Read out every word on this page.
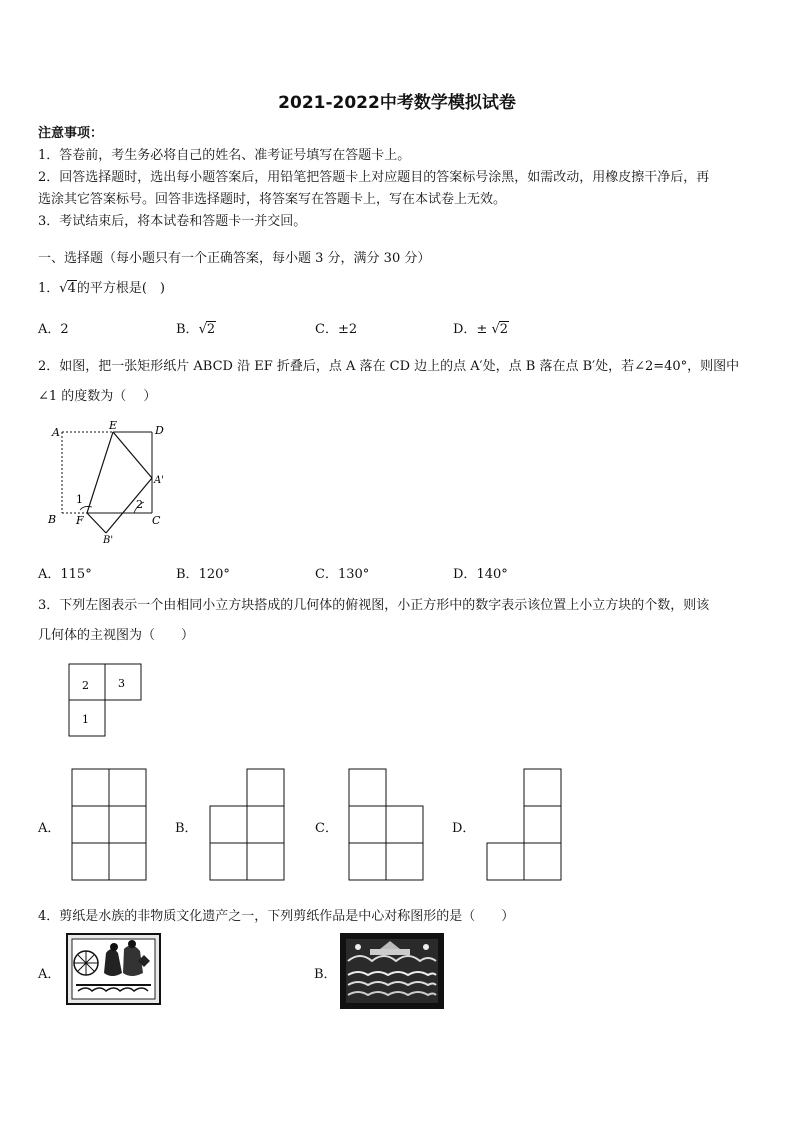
2021-2022中考数学模拟试卷
注意事项：
1．答卷前，考生务必将自己的姓名、准考证号填写在答题卡上。
2．回答选择题时，选出每小题答案后，用铅笔把答题卡上对应题目的答案标号涂黑，如需改动，用橡皮擦干净后，再
选涂其它答案标号。回答非选择题时，将答案写在答题卡上，写在本试卷上无效。
3．考试结束后，将本试卷和答题卡一并交回。
一、选择题（每小题只有一个正确答案，每小题 3 分，满分 30 分）
1．√4的平方根是(　)
A．2	B．√2	C．±2	D．± √2
2．如图，把一张矩形纸片 ABCD 沿 EF 折叠后，点 A 落在 CD 边上的点 A′处，点 B 落在点 B′处，若∠2=40°，则图中
∠1 的度数为（　 ）
A
E	D
A'
1	2
B F	C
B'
A．115°	B．120°	C．130°	D．140°
3．下列左图表示一个由相同小立方块搭成的几何体的俯视图，小正方形中的数字表示该位置上小立方块的个数，则该
几何体的主视图为（　　）
2	3
1
A．	B．	C．	D．
4．剪纸是水族的非物质文化遗产之一，下列剪纸作品是中心对称图形的是（　　）
A．	B．
